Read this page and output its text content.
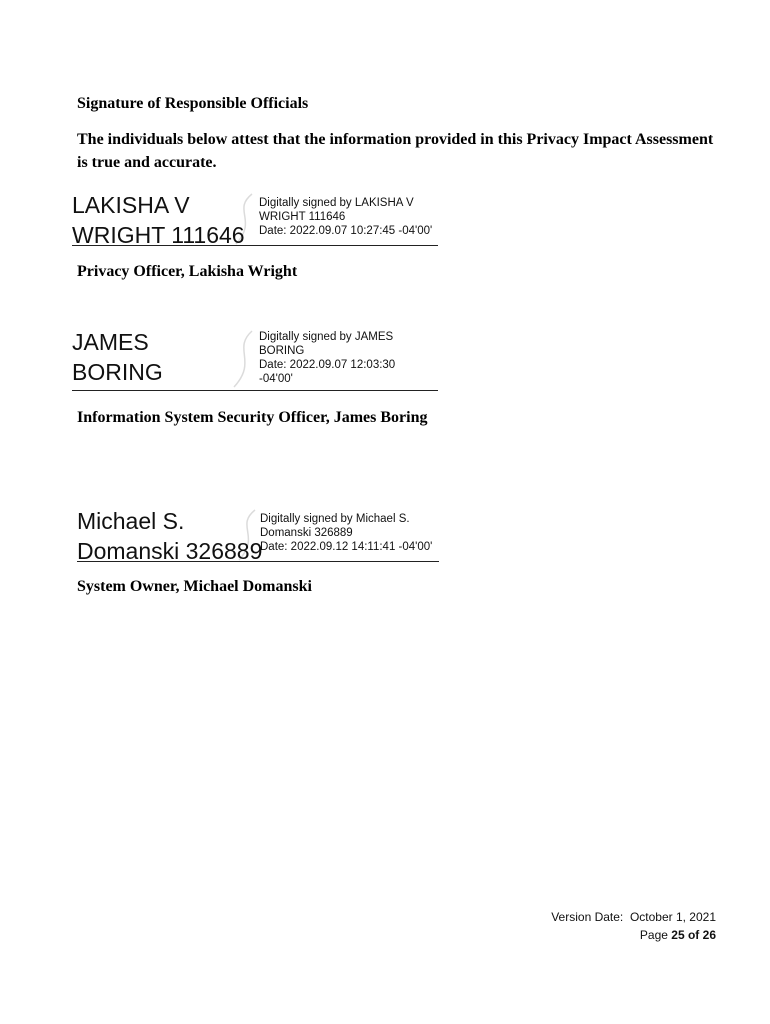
Signature of Responsible Officials
The individuals below attest that the information provided in this Privacy Impact Assessment is true and accurate.
LAKISHA V
WRIGHT 111646
Digitally signed by LAKISHA V
WRIGHT 111646
Date: 2022.09.07 10:27:45 -04'00'
Privacy Officer, Lakisha Wright
JAMES
BORING
Digitally signed by JAMES
BORING
Date: 2022.09.07 12:03:30
-04'00'
Information System Security Officer, James Boring
Michael S.
Domanski 326889
Digitally signed by Michael S.
Domanski 326889
Date: 2022.09.12 14:11:41 -04'00'
System Owner, Michael Domanski
Version Date: October 1, 2021
Page 25 of 26
